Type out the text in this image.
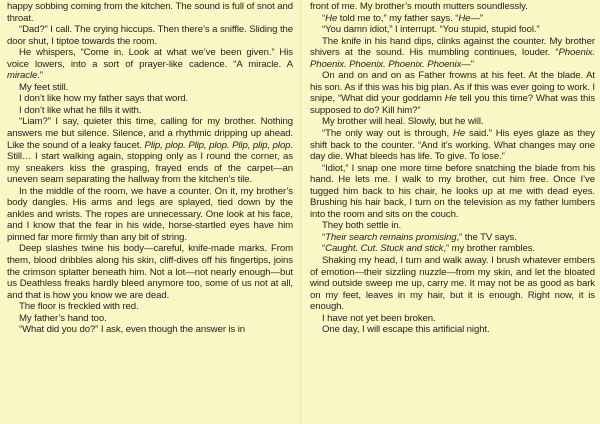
happy sobbing coming from the kitchen. The sound is full of snot and throat.

“Dad?” I call. The crying hiccups. Then there’s a sniffle. Sliding the door shut, I tiptoe towards the room.

He whispers, “Come in. Look at what we’ve been given.” His voice lowers, into a sort of prayer-like cadence. “A miracle. A miracle.”

My feet still.

I don’t like how my father says that word.

I don’t like what he fills it with.

“Liam?” I say, quieter this time, calling for my brother. Nothing answers me but silence. Silence, and a rhythmic dripping up ahead. Like the sound of a leaky faucet. Plip, plop. Plip, plop. Plip, plip, plop. Still… I start walking again, stopping only as I round the corner, as my sneakers kiss the grasping, frayed ends of the carpet—an uneven seam separating the hallway from the kitchen’s tile.

In the middle of the room, we have a counter. On it, my brother’s body dangles. His arms and legs are splayed, tied down by the ankles and wrists. The ropes are unnecessary. One look at his face, and I know that the fear in his wide, horse-startled eyes have him pinned far more firmly than any bit of string.

Deep slashes twine his body—careful, knife-made marks. From them, blood dribbles along his skin, cliff-dives off his fingertips, joins the crimson splatter beneath him. Not a lot—not nearly enough—but us Deathless freaks hardly bleed anymore too, some of us not at all, and that is how you know we are dead.

The floor is freckled with red.

My father’s hand too.

“What did you do?” I ask, even though the answer is in

front of me. My brother’s mouth mutters soundlessly.

“He told me to,” my father says. “He—”

“You damn idiot,” I interrupt. “You stupid, stupid fool.”

The knife in his hand dips, clinks against the counter. My brother shivers at the sound. His mumbling continues, louder. “Phoenix. Phoenix. Phoenix. Phoenix. Phoenix—”

On and on and on as Father frowns at his feet. At the blade. At his son. As if this was his big plan. As if this was ever going to work. I snipe, “What did your goddamn He tell you this time? What was this supposed to do? Kill him?”

My brother will heal. Slowly, but he will.

“The only way out is through, He said.” His eyes glaze as they shift back to the counter. “And it’s working. What changes may one day die. What bleeds has life. To give. To lose.”

“Idiot,” I snap one more time before snatching the blade from his hand. He lets me. I walk to my brother, cut him free. Once I’ve tugged him back to his chair, he looks up at me with dead eyes. Brushing his hair back, I turn on the television as my father lumbers into the room and sits on the couch.

They both settle in.

“Their search remains promising,” the TV says.

“Caught. Cut. Stuck and stick,” my brother rambles.

Shaking my head, I turn and walk away. I brush whatever embers of emotion—their sizzling nuzzle—from my skin, and let the bloated wind outside sweep me up, carry me. It may not be as good as bark on my feet, leaves in my hair, but it is enough. Right now, it is enough.

I have not yet been broken.

One day, I will escape this artificial night.
